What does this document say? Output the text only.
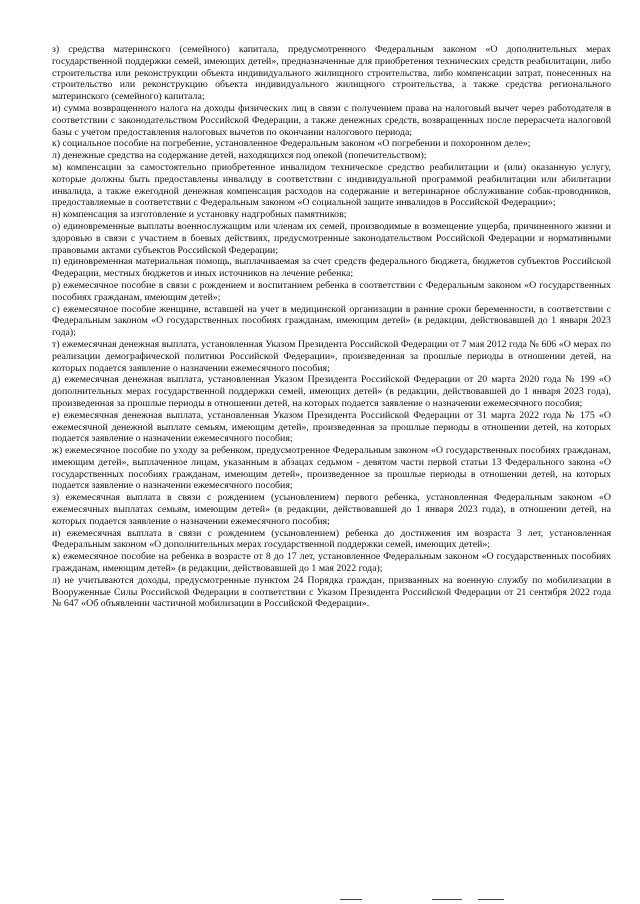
з) средства материнского (семейного) капитала, предусмотренного Федеральным законом «О дополнительных мерах государственной поддержки семей, имеющих детей», предназначенные для приобретения технических средств реабилитации, либо строительства или реконструкции объекта индивидуального жилищного строительства, либо компенсации затрат, понесенных на строительство или реконструкцию объекта индивидуального жилищного строительства, а также средства регионального материнского (семейного) капитала;

и) сумма возвращенного налога на доходы физических лиц в связи с получением права на налоговый вычет через работодателя в соответствии с законодательством Российской Федерации, а также денежных средств, возвращенных после перерасчета налоговой базы с учетом предоставления налоговых вычетов по окончании налогового периода;

к) социальное пособие на погребение, установленное Федеральным законом «О погребении и похоронном деле»;

л) денежные средства на содержание детей, находящихся под опекой (попечительством);

м) компенсации за самостоятельно приобретенное инвалидом техническое средство реабилитации и (или) оказанную услугу, которые должны быть предоставлены инвалиду в соответствии с индивидуальной программой реабилитации или абилитации инвалида, а также ежегодной денежная компенсация расходов на содержание и ветеринарное обслуживание собак-проводников, предоставляемые в соответствии с Федеральным законом «О социальной защите инвалидов в Российской Федерации»;

н) компенсация за изготовление и установку надгробных памятников;

о) единовременные выплаты военнослужащим или членам их семей, производимые в возмещение ущерба, причиненного жизни и здоровью в связи с участием в боевых действиях, предусмотренные законодательством Российской Федерации и нормативными правовыми актами субъектов Российской Федерации;

п) единовременная материальная помощь, выплачиваемая за счет средств федерального бюджета, бюджетов субъектов Российской Федерации, местных бюджетов и иных источников на лечение ребенка;

р) ежемесячное пособие в связи с рождением и воспитанием ребенка в соответствии с Федеральным законом «О государственных пособиях гражданам, имеющим детей»;

с) ежемесячное пособие женщине, вставшей на учет в медицинской организации в ранние сроки беременности, в соответствии с Федеральным законом «О государственных пособиях гражданам, имеющим детей» (в редакции, действовавшей до 1 января 2023 года);

т) ежемесячная денежная выплата, установленная Указом Президента Российской Федерации от 7 мая 2012 года № 606 «О мерах по реализации демографической политики Российской Федерации», произведенная за прошлые периоды в отношении детей, на которых подается заявление о назначении ежемесячного пособия;

д) ежемесячная денежная выплата, установленная Указом Президента Российской Федерации от 20 марта 2020 года № 199 «О дополнительных мерах государственной поддержки семей, имеющих детей» (в редакции, действовавшей до 1 января 2023 года), произведенная за прошлые периоды в отношении детей, на которых подается заявление о назначении ежемесячного пособия;

е) ежемесячная денежная выплата, установленная Указом Президента Российской Федерации от 31 марта 2022 года № 175 «О ежемесячной денежной выплате семьям, имеющим детей», произведенная за прошлые периоды в отношении детей, на которых подается заявление о назначении ежемесячного пособия;

ж) ежемесячное пособие по уходу за ребенком, предусмотренное Федеральным законом «О государственных пособиях гражданам, имеющим детей», выплаченное лицам, указанным в абзацах седьмом - девятом части первой статьи 13 Федерального закона «О государственных пособиях гражданам, имеющим детей», произведенное за прошлые периоды в отношении детей, на которых подается заявление о назначении ежемесячного пособия;

з) ежемесячная выплата в связи с рождением (усыновлением) первого ребенка, установленная Федеральным законом «О ежемесячных выплатах семьям, имеющим детей» (в редакции, действовавшей до 1 января 2023 года), в отношении детей, на которых подается заявление о назначении ежемесячного пособия;

и) ежемесячная выплата в связи с рождением (усыновлением) ребенка до достижения им возраста 3 лет, установленная Федеральным законом «О дополнительных мерах государственной поддержки семей, имеющих детей»;

к) ежемесячное пособие на ребенка в возрасте от 8 до 17 лет, установленное Федеральным законом «О государственных пособиях гражданам, имеющим детей» (в редакции, действовавшей до 1 мая 2022 года);

л) не учитываются доходы, предусмотренные пунктом 24 Порядка граждан, призванных на военную службу по мобилизации в Вооруженные Силы Российской Федерации в соответствии с Указом Президента Российской Федерации от 21 сентября 2022 года № 647 «Об объявлении частичной мобилизации в Российской Федерации».
